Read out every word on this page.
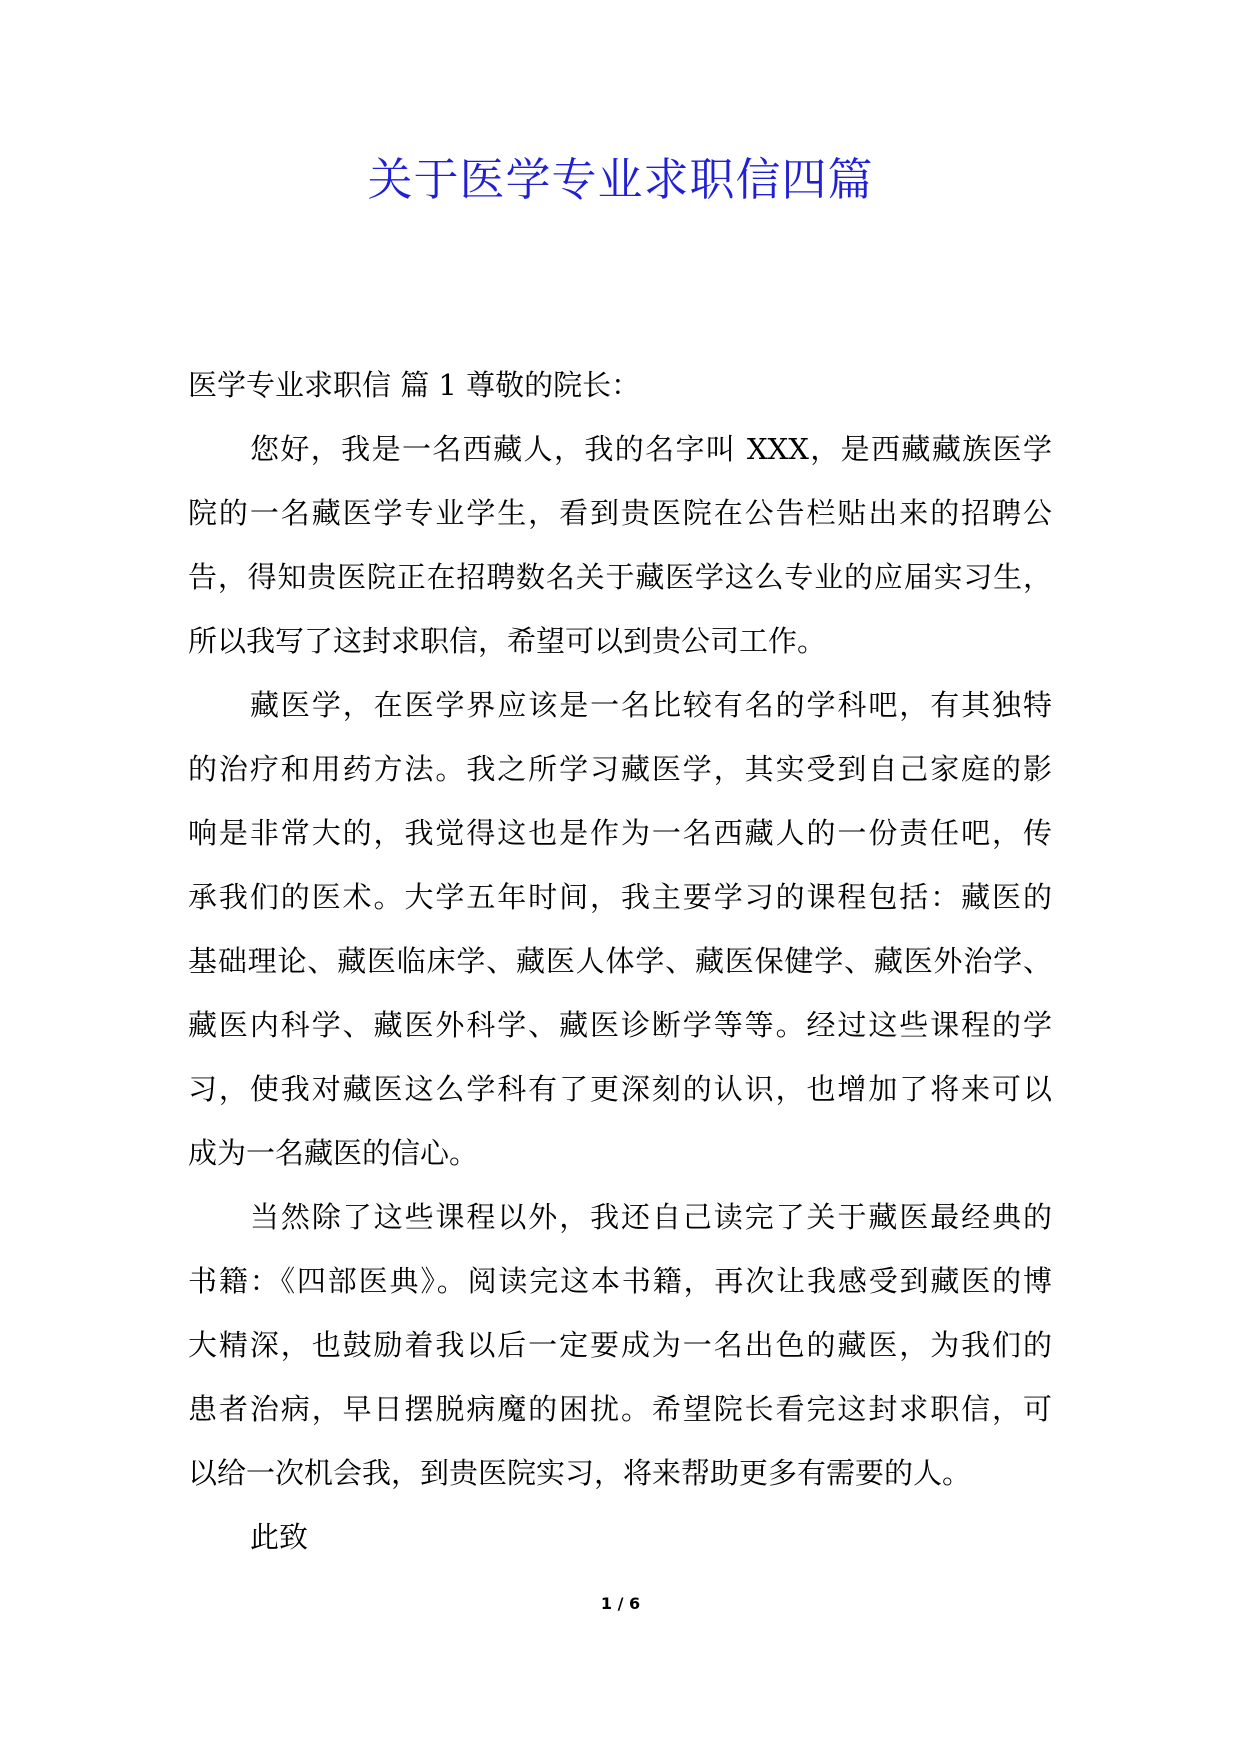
关于医学专业求职信四篇

医学专业求职信 篇 1 尊敬的院长：

您好，我是一名西藏人，我的名字叫 XXX，是西藏藏族医学
院的一名藏医学专业学生，看到贵医院在公告栏贴出来的招聘公
告，得知贵医院正在招聘数名关于藏医学这么专业的应届实习生，
所以我写了这封求职信，希望可以到贵公司工作。

藏医学，在医学界应该是一名比较有名的学科吧，有其独特
的治疗和用药方法。我之所学习藏医学，其实受到自己家庭的影
响是非常大的，我觉得这也是作为一名西藏人的一份责任吧，传
承我们的医术。大学五年时间，我主要学习的课程包括：藏医的
基础理论、藏医临床学、藏医人体学、藏医保健学、藏医外治学、
藏医内科学、藏医外科学、藏医诊断学等等。经过这些课程的学
习，使我对藏医这么学科有了更深刻的认识，也增加了将来可以
成为一名藏医的信心。

当然除了这些课程以外，我还自己读完了关于藏医最经典的
书籍：《四部医典》。阅读完这本书籍，再次让我感受到藏医的博
大精深，也鼓励着我以后一定要成为一名出色的藏医，为我们的
患者治病，早日摆脱病魔的困扰。希望院长看完这封求职信，可
以给一次机会我，到贵医院实习，将来帮助更多有需要的人。

此致

1 / 6
